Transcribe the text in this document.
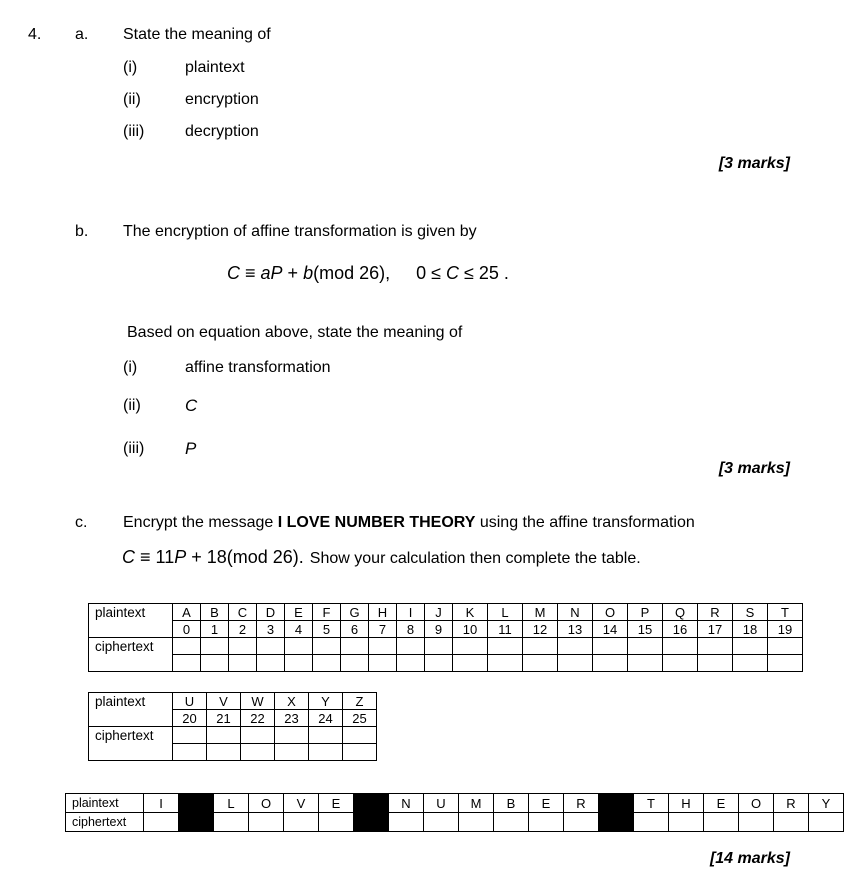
4. a. State the meaning of
(i)	plaintext
(ii)	encryption
(iii)	decryption
[3 marks]
b. The encryption of affine transformation is given by
C ≡ aP + b(mod 26), 0 ≤ C ≤ 25 .
Based on equation above, state the meaning of
(i)	affine transformation
(ii)	C
(iii) P
[3 marks]
c. Encrypt the message I LOVE NUMBER THEORY using the affine transformation
C ≡ 11P + 18(mod 26). Show your calculation then complete the table.
plaintext	A	B	C	D	E	F	G	H	I	J	K	L	M	N	O	P	Q	R	S	T
	0	1	2	3	4	5	6	7	8	9	10	11	12	13	14	15	16	17	18	19
ciphertext																				

plaintext	U	V	W	X	Y	Z
	20	21	22	23	24	25
ciphertext						

plaintext	I		L	O	V	E		N	U	M	B	E	R		T	H	E	O	R	Y
ciphertext																				
[14 marks]
